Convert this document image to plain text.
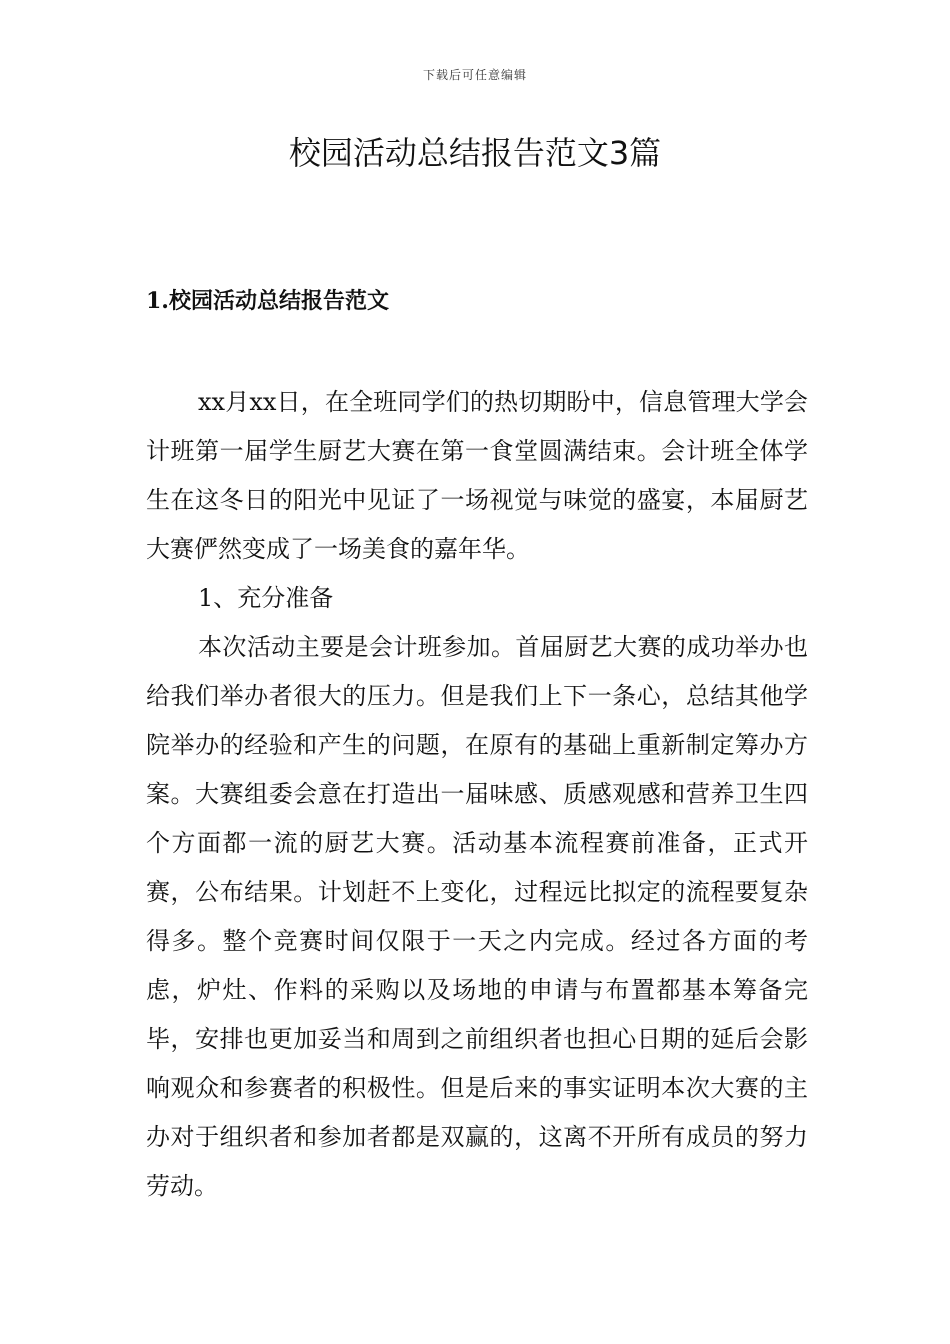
下载后可任意编辑
校园活动总结报告范文3篇
1.校园活动总结报告范文

xx月xx日，在全班同学们的热切期盼中，信息管理大学会计班第一届学生厨艺大赛在第一食堂圆满结束。会计班全体学生在这冬日的阳光中见证了一场视觉与味觉的盛宴，本届厨艺大赛俨然变成了一场美食的嘉年华。

1、充分准备

本次活动主要是会计班参加。首届厨艺大赛的成功举办也给我们举办者很大的压力。但是我们上下一条心，总结其他学院举办的经验和产生的问题，在原有的基础上重新制定筹办方案。大赛组委会意在打造出一届味感、质感观感和营养卫生四个方面都一流的厨艺大赛。活动基本流程赛前准备，正式开赛，公布结果。计划赶不上变化，过程远比拟定的流程要复杂得多。整个竞赛时间仅限于一天之内完成。经过各方面的考虑，炉灶、作料的采购以及场地的申请与布置都基本筹备完毕，安排也更加妥当和周到之前组织者也担心日期的延后会影响观众和参赛者的积极性。但是后来的事实证明本次大赛的主办对于组织者和参加者都是双赢的，这离不开所有成员的努力劳动。
